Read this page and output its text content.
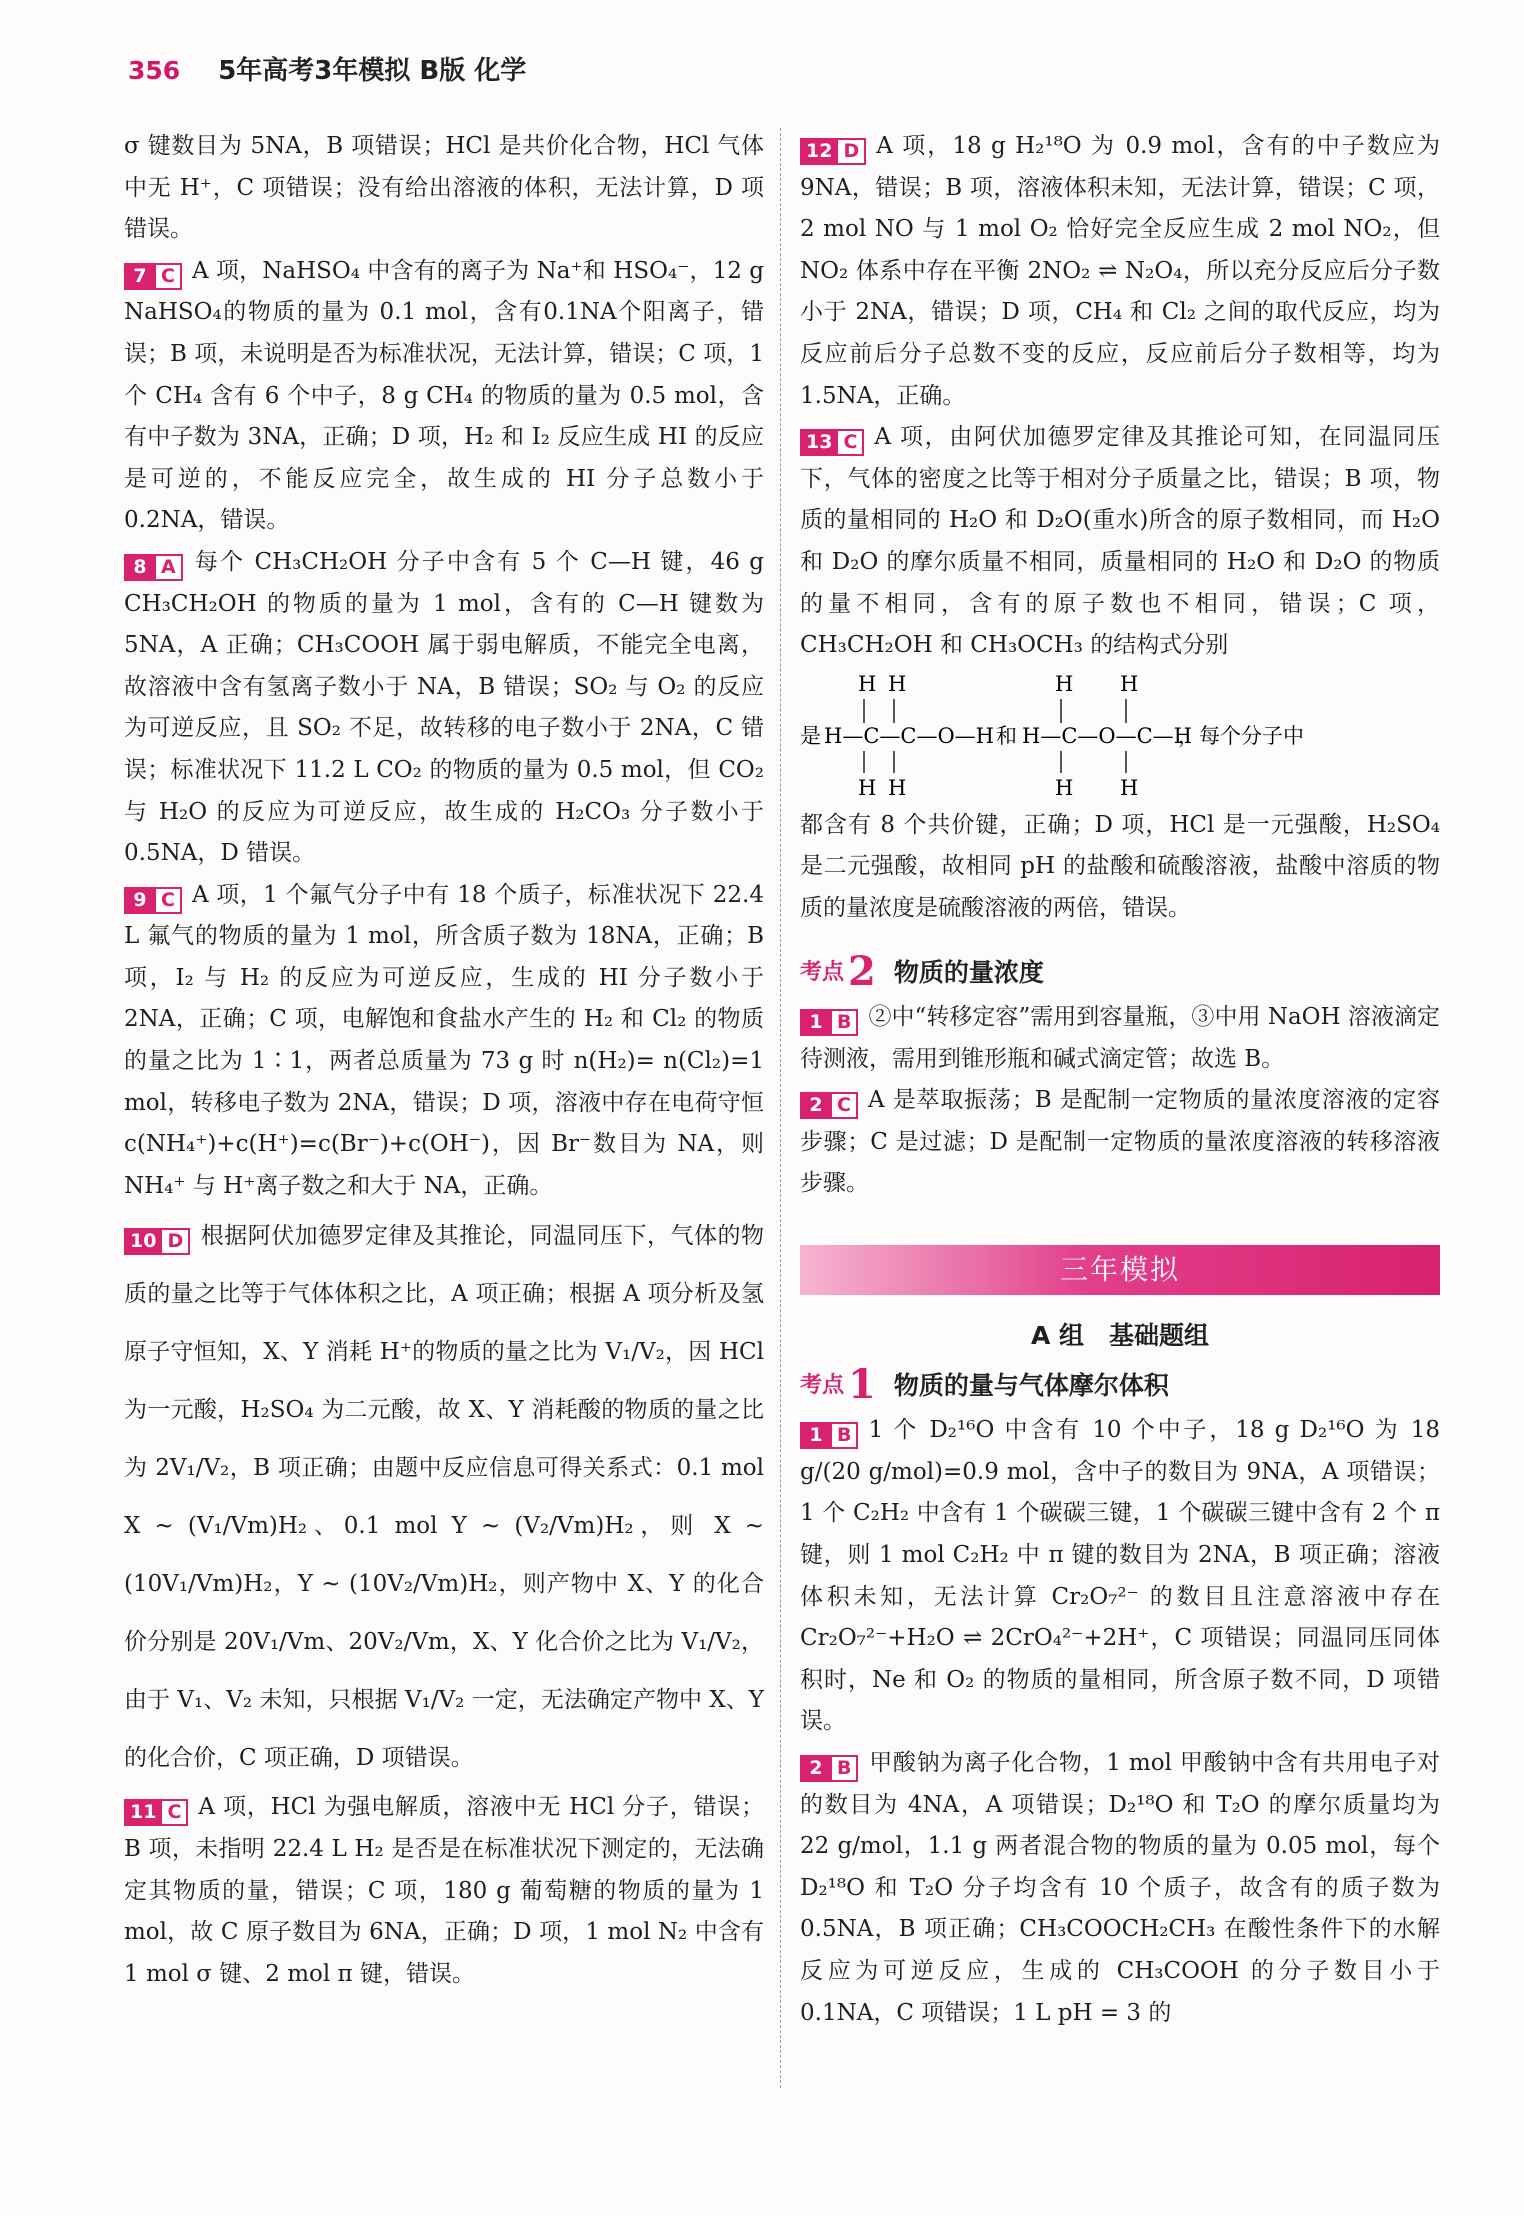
356 5年高考3年模拟 B版 化学

σ 键数目为 5NA，B 项错误；HCl 是共价化合物，HCl 气体中无 H⁺，C 项错误；没有给出溶液的体积，无法计算，D 项错误。

7 C A 项，NaHSO₄ 中含有的离子为 Na⁺和 HSO₄⁻，12 g NaHSO₄的物质的量为 0.1 mol，含有0.1NA个阳离子，错误；B 项，未说明是否为标准状况，无法计算，错误；C 项，1 个 CH₄ 含有 6 个中子，8 g CH₄ 的物质的量为 0.5 mol，含有中子数为 3NA，正确；D 项，H₂ 和 I₂ 反应生成 HI 的反应是可逆的，不能反应完全，故生成的 HI 分子总数小于0.2NA，错误。

8 A 每个 CH₃CH₂OH 分子中含有 5 个 C—H 键，46 g CH₃CH₂OH 的物质的量为 1 mol，含有的 C—H 键数为 5NA，A 正确；CH₃COOH 属于弱电解质，不能完全电离，故溶液中含有氢离子数小于 NA，B 错误；SO₂ 与 O₂ 的反应为可逆反应，且 SO₂ 不足，故转移的电子数小于 2NA，C 错误；标准状况下 11.2 L CO₂ 的物质的量为 0.5 mol，但 CO₂ 与 H₂O 的反应为可逆反应，故生成的 H₂CO₃ 分子数小于 0.5NA，D 错误。

9 C A 项，1 个氟气分子中有 18 个质子，标准状况下 22.4 L 氟气的物质的量为 1 mol，所含质子数为 18NA，正确；B 项，I₂ 与 H₂ 的反应为可逆反应，生成的 HI 分子数小于 2NA，正确；C 项，电解饱和食盐水产生的 H₂ 和 Cl₂ 的物质的量之比为 1∶1，两者总质量为 73 g 时 n(H₂)= n(Cl₂)=1 mol，转移电子数为 2NA，错误；D 项，溶液中存在电荷守恒 c(NH₄⁺)+c(H⁺)=c(Br⁻)+c(OH⁻)，因 Br⁻数目为 NA，则 NH₄⁺ 与 H⁺离子数之和大于 NA，正确。

10 D 根据阿伏加德罗定律及其推论，同温同压下，气体的物质的量之比等于气体体积之比，A 项正确；根据 A 项分析及氢原子守恒知，X、Y 消耗 H⁺的物质的量之比为 V₁/V₂，因 HCl 为一元酸，H₂SO₄ 为二元酸，故 X、Y 消耗酸的物质的量之比为 2V₁/V₂，B 项正确；由题中反应信息可得关系式：0.1 mol X ~ (V₁/Vm)H₂、0.1 mol Y ~ (V₂/Vm)H₂，则 X ~ (10V₁/Vm)H₂，Y ~ (10V₂/Vm)H₂，则产物中 X、Y 的化合价分别是 20V₁/Vm、20V₂/Vm，X、Y 化合价之比为 V₁/V₂，由于 V₁、V₂ 未知，只根据 V₁/V₂ 一定，无法确定产物中 X、Y 的化合价，C 项正确，D 项错误。

11 C A 项，HCl 为强电解质，溶液中无 HCl 分子，错误；B 项，未指明 22.4 L H₂ 是否是在标准状况下测定的，无法确定其物质的量，错误；C 项，180 g 葡萄糖的物质的量为 1 mol，故 C 原子数目为 6NA，正确；D 项，1 mol N₂ 中含有 1 mol σ 键、2 mol π 键，错误。

12 D A 项，18 g H₂¹⁸O 为 0.9 mol，含有的中子数应为 9NA，错误；B 项，溶液体积未知，无法计算，错误；C 项，2 mol NO 与 1 mol O₂ 恰好完全反应生成 2 mol NO₂，但 NO₂ 体系中存在平衡 2NO₂ ⇌ N₂O₄，所以充分反应后分子数小于 2NA，错误；D 项，CH₄ 和 Cl₂ 之间的取代反应，均为反应前后分子总数不变的反应，反应前后分子数相等，均为 1.5NA，正确。

13 C A 项，由阿伏加德罗定律及其推论可知，在同温同压下，气体的密度之比等于相对分子质量之比，错误；B 项，物质的量相同的 H₂O 和 D₂O(重水)所含的原子数相同，而 H₂O 和 D₂O 的摩尔质量不相同，质量相同的 H₂O 和 D₂O 的物质的量不相同，含有的原子数也不相同，错误；C 项，CH₃CH₂OH 和 CH₃OCH₃ 的结构式分别

是
H H
H—C—C—O—H
H H
和
H H
H—C—O—C—H
H H
，每个分子中

都含有 8 个共价键，正确；D 项，HCl 是一元强酸，H₂SO₄ 是二元强酸，故相同 pH 的盐酸和硫酸溶液，盐酸中溶质的物质的量浓度是硫酸溶液的两倍，错误。

考点 2 物质的量浓度

1 B ②中“转移定容”需用到容量瓶，③中用 NaOH 溶液滴定待测液，需用到锥形瓶和碱式滴定管；故选 B。

2 C A 是萃取振荡；B 是配制一定物质的量浓度溶液的定容步骤；C 是过滤；D 是配制一定物质的量浓度溶液的转移溶液步骤。

三年模拟
A 组　基础题组
考点 1 物质的量与气体摩尔体积

1 B 1 个 D₂¹⁶O 中含有 10 个中子，18 g D₂¹⁶O 为 18 g/(20 g/mol)=0.9 mol，含中子的数目为 9NA，A 项错误；1 个 C₂H₂ 中含有 1 个碳碳三键，1 个碳碳三键中含有 2 个 π 键，则 1 mol C₂H₂ 中 π 键的数目为 2NA，B 项正确；溶液体积未知，无法计算 Cr₂O₇²⁻ 的数目且注意溶液中存在 Cr₂O₇²⁻+H₂O ⇌ 2CrO₄²⁻+2H⁺，C 项错误；同温同压同体积时，Ne 和 O₂ 的物质的量相同，所含原子数不同，D 项错误。

2 B 甲酸钠为离子化合物，1 mol 甲酸钠中含有共用电子对的数目为 4NA，A 项错误；D₂¹⁸O 和 T₂O 的摩尔质量均为 22 g/mol，1.1 g 两者混合物的物质的量为 0.05 mol，每个 D₂¹⁸O 和 T₂O 分子均含有 10 个质子，故含有的质子数为 0.5NA，B 项正确；CH₃COOCH₂CH₃ 在酸性条件下的水解反应为可逆反应，生成的 CH₃COOH 的分子数目小于 0.1NA，C 项错误；1 L pH = 3 的
